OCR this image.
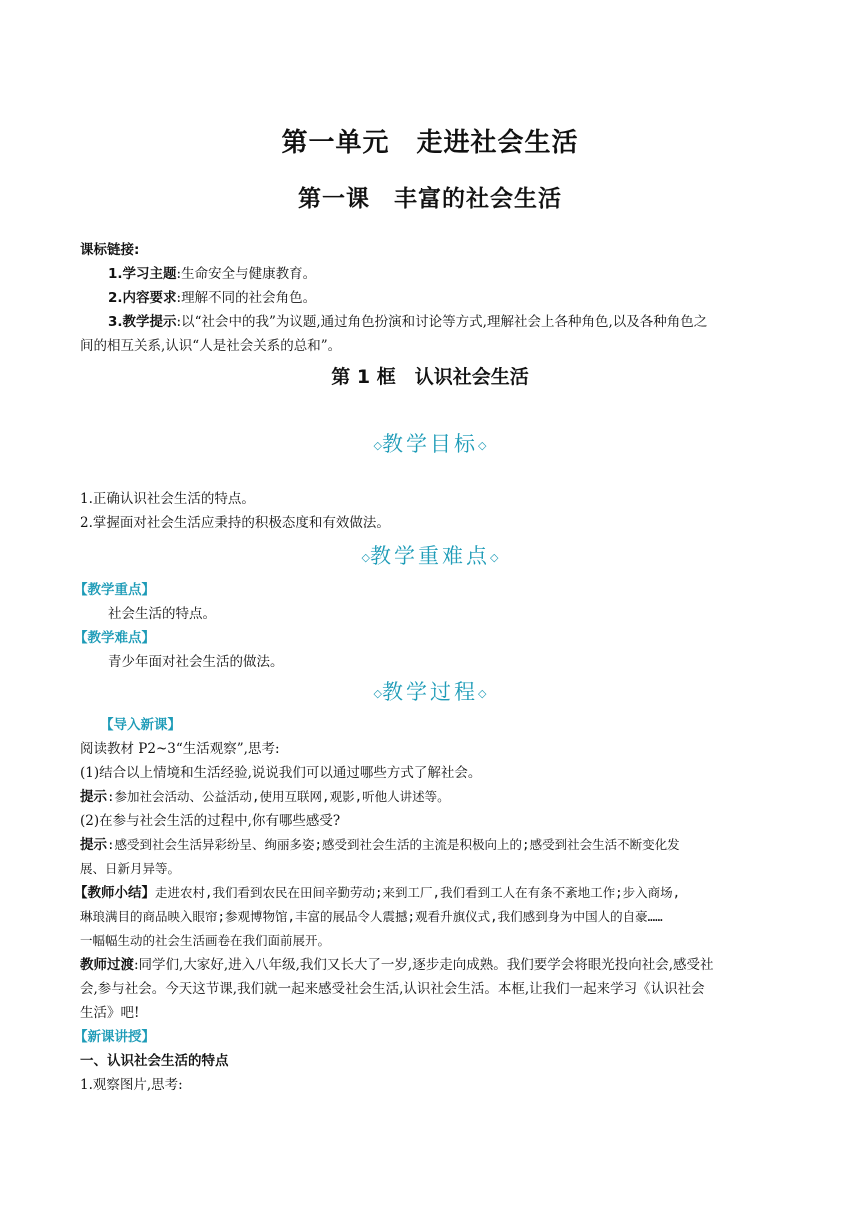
第一单元　走进社会生活
第一课　丰富的社会生活
课标链接:
1.学习主题:生命安全与健康教育。
2.内容要求:理解不同的社会角色。
3.教学提示:以“社会中的我”为议题,通过角色扮演和讨论等方式,理解社会上各种角色,以及各种角色之
间的相互关系,认识“人是社会关系的总和”。
第 1 框　认识社会生活
◇教学目标◇
1.正确认识社会生活的特点。
2.掌握面对社会生活应秉持的积极态度和有效做法。
◇教学重难点◇
【教学重点】
社会生活的特点。
【教学难点】
青少年面对社会生活的做法。
◇教学过程◇
【导入新课】
阅读教材 P2~3“生活观察”,思考:
(1)结合以上情境和生活经验,说说我们可以通过哪些方式了解社会。
提示:参加社会活动、公益活动,使用互联网,观影,听他人讲述等。
(2)在参与社会生活的过程中,你有哪些感受?
提示:感受到社会生活异彩纷呈、绚丽多姿;感受到社会生活的主流是积极向上的;感受到社会生活不断变化发
展、日新月异等。
【教师小结】走进农村,我们看到农民在田间辛勤劳动;来到工厂,我们看到工人在有条不紊地工作;步入商场,
琳琅满目的商品映入眼帘;参观博物馆,丰富的展品令人震撼;观看升旗仪式,我们感到身为中国人的自豪……
一幅幅生动的社会生活画卷在我们面前展开。
教师过渡:同学们,大家好,进入八年级,我们又长大了一岁,逐步走向成熟。我们要学会将眼光投向社会,感受社
会,参与社会。今天这节课,我们就一起来感受社会生活,认识社会生活。本框,让我们一起来学习《认识社会
生活》吧!
【新课讲授】
一、认识社会生活的特点
1.观察图片,思考:
